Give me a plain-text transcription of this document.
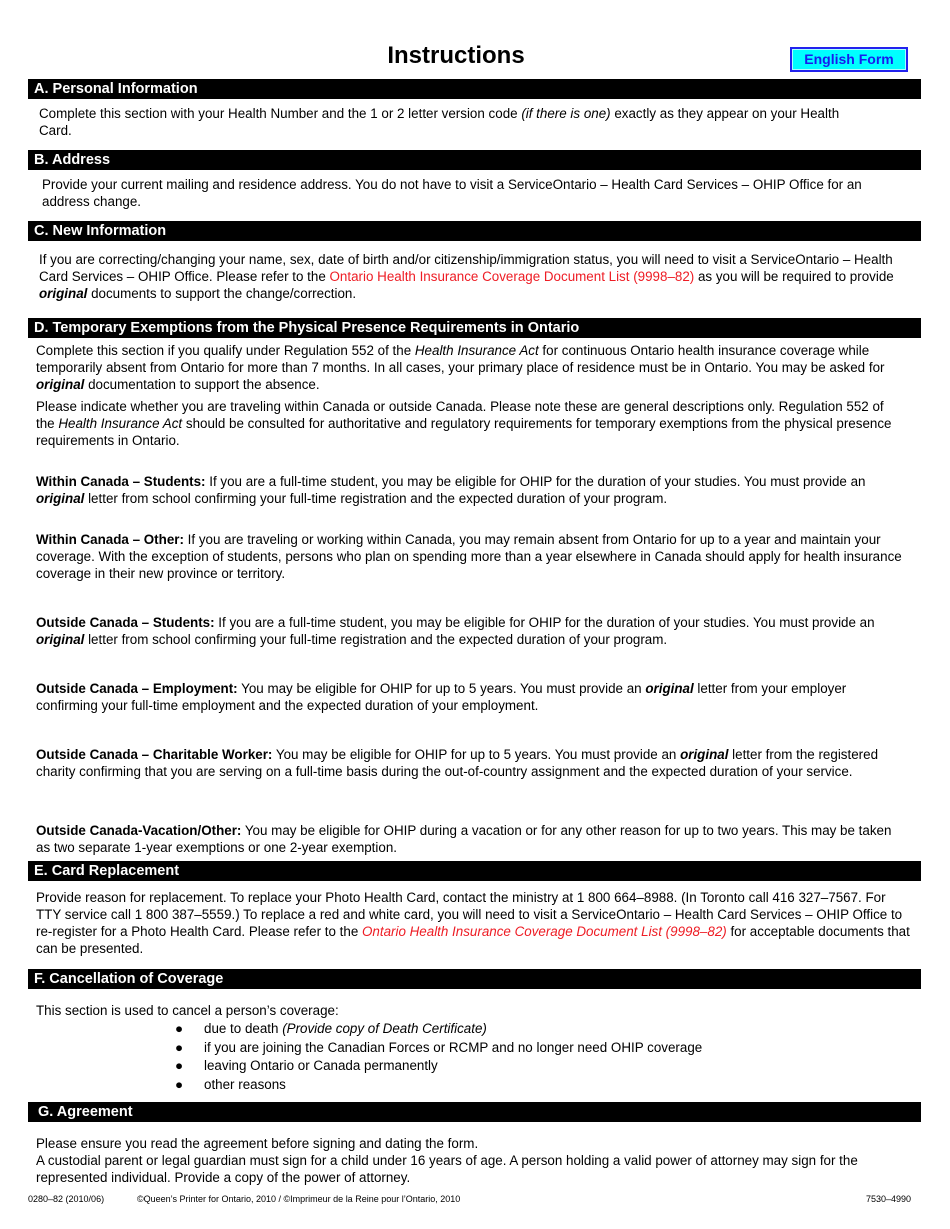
Instructions	English Form
A. Personal Information

Complete this section with your Health Number and the 1 or 2 letter version code (if there is one) exactly as they appear on your Health Card.

B. Address

Provide your current mailing and residence address. You do not have to visit a ServiceOntario – Health Card Services – OHIP Office for an address change.

C. New Information

If you are correcting/changing your name, sex, date of birth and/or citizenship/immigration status, you will need to visit a ServiceOntario – Health Card Services – OHIP Office. Please refer to the Ontario Health Insurance Coverage Document List (9998–82) as you will be required to provide original documents to support the change/correction.

D. Temporary Exemptions from the Physical Presence Requirements in Ontario

Complete this section if you qualify under Regulation 552 of the Health Insurance Act for continuous Ontario health insurance coverage while temporarily absent from Ontario for more than 7 months. In all cases, your primary place of residence must be in Ontario. You may be asked for original documentation to support the absence.

Please indicate whether you are traveling within Canada or outside Canada. Please note these are general descriptions only. Regulation 552 of the Health Insurance Act should be consulted for authoritative and regulatory requirements for temporary exemptions from the physical presence requirements in Ontario.

Within Canada – Students: If you are a full-time student, you may be eligible for OHIP for the duration of your studies. You must provide an original letter from school confirming your full-time registration and the expected duration of your program.

Within Canada – Other: If you are traveling or working within Canada, you may remain absent from Ontario for up to a year and maintain your coverage. With the exception of students, persons who plan on spending more than a year elsewhere in Canada should apply for health insurance coverage in their new province or territory.

Outside Canada – Students: If you are a full-time student, you may be eligible for OHIP for the duration of your studies. You must provide an original letter from school confirming your full-time registration and the expected duration of your program.

Outside Canada – Employment: You may be eligible for OHIP for up to 5 years. You must provide an original letter from your employer confirming your full-time employment and the expected duration of your employment.

Outside Canada – Charitable Worker: You may be eligible for OHIP for up to 5 years. You must provide an original letter from the registered charity confirming that you are serving on a full-time basis during the out-of-country assignment and the expected duration of your service.

Outside Canada-Vacation/Other: You may be eligible for OHIP during a vacation or for any other reason for up to two years. This may be taken as two separate 1-year exemptions or one 2-year exemption.

E. Card Replacement

Provide reason for replacement. To replace your Photo Health Card, contact the ministry at 1 800 664–8988. (In Toronto call 416 327–7567. For TTY service call 1 800 387–5559.) To replace a red and white card, you will need to visit a ServiceOntario – Health Card Services – OHIP Office to re-register for a Photo Health Card. Please refer to the Ontario Health Insurance Coverage Document List (9998–82) for acceptable documents that can be presented.

F. Cancellation of Coverage

This section is used to cancel a person’s coverage:

● due to death (Provide copy of Death Certificate)
● if you are joining the Canadian Forces or RCMP and no longer need OHIP coverage
● leaving Ontario or Canada permanently
● other reasons
G. Agreement

Please ensure you read the agreement before signing and dating the form.
A custodial parent or legal guardian must sign for a child under 16 years of age. A person holding a valid power of attorney may sign for the represented individual. Provide a copy of the power of attorney.

0280–82 (2010/06)	©Queen’s Printer for Ontario, 2010 / ©Imprimeur de la Reine pour l’Ontario, 2010	7530–4990
